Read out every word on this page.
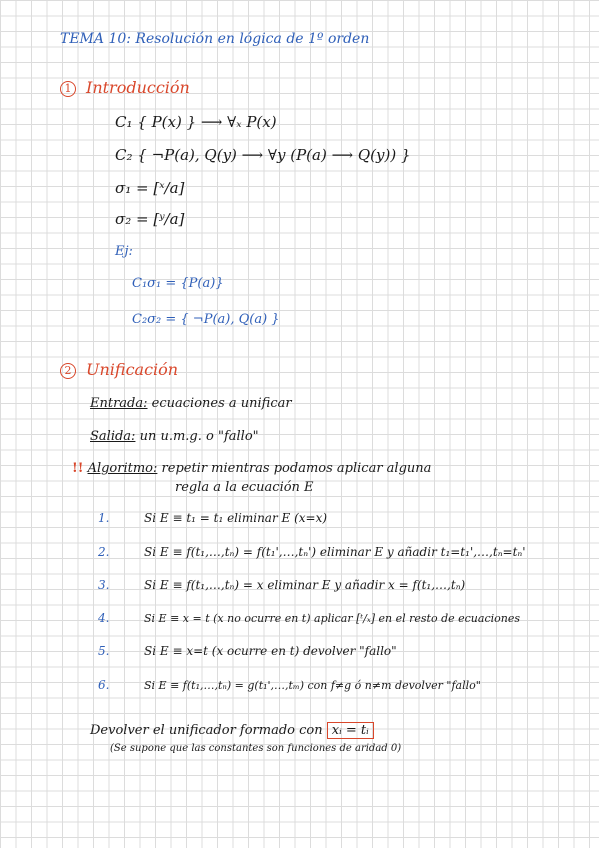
TEMA 10: Resolución en lógica de 1º orden
1 Introducción
C₁ { P(x) } ⟶ ∀ₓ P(x)
C₂ { ¬P(a), Q(y) ⟶ ∀y (P(a) ⟶ Q(y)) }
σ₁ = [ˣ/a]
σ₂ = [ʸ/a]
Ej:
C₁σ₁ = {P(a)}
C₂σ₂ = { ¬P(a), Q(a) }
2 Unificación
Entrada: ecuaciones a unificar
Salida: un u.m.g. o "fallo"
!! Algoritmo: repetir mientras podamos aplicar alguna
regla a la ecuación E
1.	Si E ≡ t₁ = t₁ eliminar E (x=x)
2.	Si E ≡ f(t₁,…,tₙ) = f(t₁',…,tₙ') eliminar E y añadir t₁=t₁',…,tₙ=tₙ'
3.	Si E ≡ f(t₁,…,tₙ) = x eliminar E y añadir x = f(t₁,…,tₙ)
4.	Si E ≡ x = t (x no ocurre en t) aplicar [ᵗ/ₓ] en el resto de ecuaciones
5.	Si E ≡ x=t (x ocurre en t) devolver "fallo"
6.	Si E ≡ f(t₁,…,tₙ) = g(t₁',…,tₘ) con f≠g ó n≠m devolver "fallo"
Devolver el unificador formado con xᵢ = tᵢ
(Se supone que las constantes son funciones de aridad 0)
